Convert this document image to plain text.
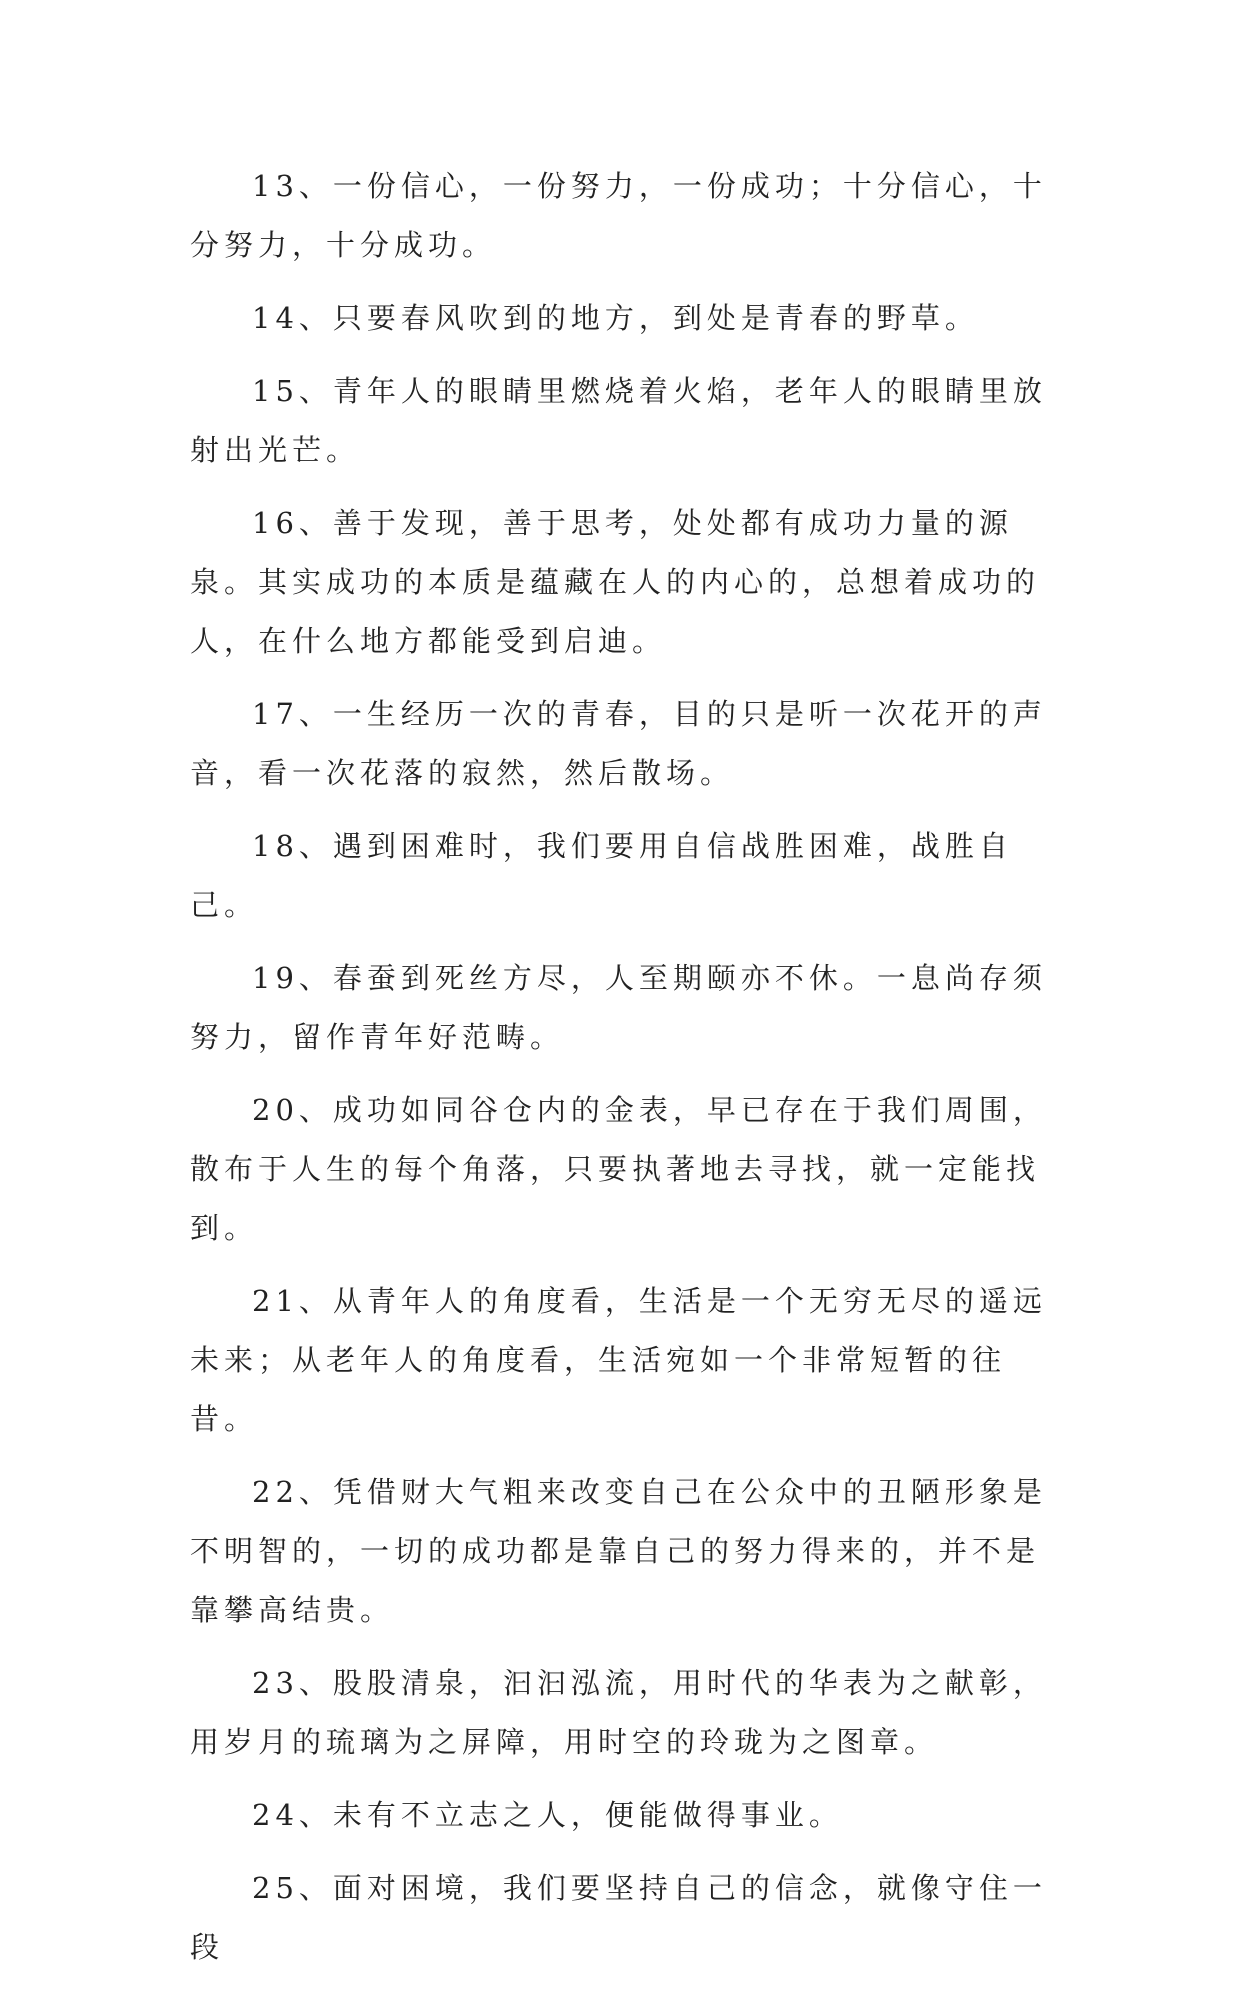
13、一份信心，一份努力，一份成功；十分信心，十分努力，十分成功。

14、只要春风吹到的地方，到处是青春的野草。

15、青年人的眼睛里燃烧着火焰，老年人的眼睛里放射出光芒。

16、善于发现，善于思考，处处都有成功力量的源泉。其实成功的本质是蕴藏在人的内心的，总想着成功的人，在什么地方都能受到启迪。

17、一生经历一次的青春，目的只是听一次花开的声音，看一次花落的寂然，然后散场。

18、遇到困难时，我们要用自信战胜困难，战胜自己。

19、春蚕到死丝方尽，人至期颐亦不休。一息尚存须努力，留作青年好范畴。

20、成功如同谷仓内的金表，早已存在于我们周围，散布于人生的每个角落，只要执著地去寻找，就一定能找到。

21、从青年人的角度看，生活是一个无穷无尽的遥远未来；从老年人的角度看，生活宛如一个非常短暂的往昔。

22、凭借财大气粗来改变自己在公众中的丑陋形象是不明智的，一切的成功都是靠自己的努力得来的，并不是靠攀高结贵。

23、股股清泉，汩汩泓流，用时代的华表为之献彰，用岁月的琉璃为之屏障，用时空的玲珑为之图章。

24、未有不立志之人，便能做得事业。

25、面对困境，我们要坚持自己的信念，就像守住一段
